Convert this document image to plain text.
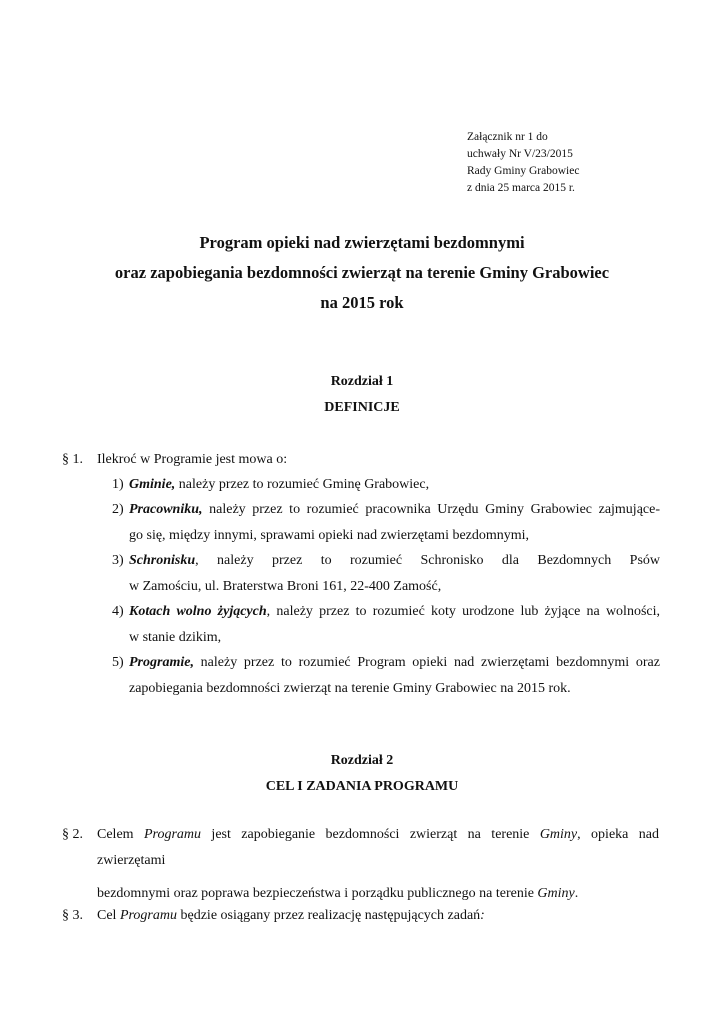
Załącznik nr 1 do
uchwały Nr V/23/2015
Rady Gminy Grabowiec
z dnia 25 marca 2015 r.
Program opieki nad zwierzętami bezdomnymi
oraz zapobiegania bezdomności zwierząt na terenie Gminy Grabowiec
na 2015 rok
Rozdział 1
DEFINICJE
§ 1. Ilekroć w Programie jest mowa o:
1) Gminie, należy przez to rozumieć Gminę Grabowiec,
2) Pracowniku, należy przez to rozumieć pracownika Urzędu Gminy Grabowiec zajmujące-
go się, między innymi, sprawami opieki nad zwierzętami bezdomnymi,
3) Schronisku, należy przez to rozumieć Schronisko dla Bezdomnych Psów
w Zamościu, ul. Braterstwa Broni 161, 22-400 Zamość,
4) Kotach wolno żyjących, należy przez to rozumieć koty urodzone lub żyjące na wolności,
w stanie dzikim,
5) Programie, należy przez to rozumieć Program opieki nad zwierzętami bezdomnymi oraz
zapobiegania bezdomności zwierząt na terenie Gminy Grabowiec na 2015 rok.
Rozdział 2
CEL I ZADANIA PROGRAMU
§ 2. Celem Programu jest zapobieganie bezdomności zwierząt na terenie Gminy, opieka nad zwierzętami
bezdomnymi oraz poprawa bezpieczeństwa i porządku publicznego na terenie Gminy.
§ 3. Cel Programu będzie osiągany przez realizację następujących zadań:
